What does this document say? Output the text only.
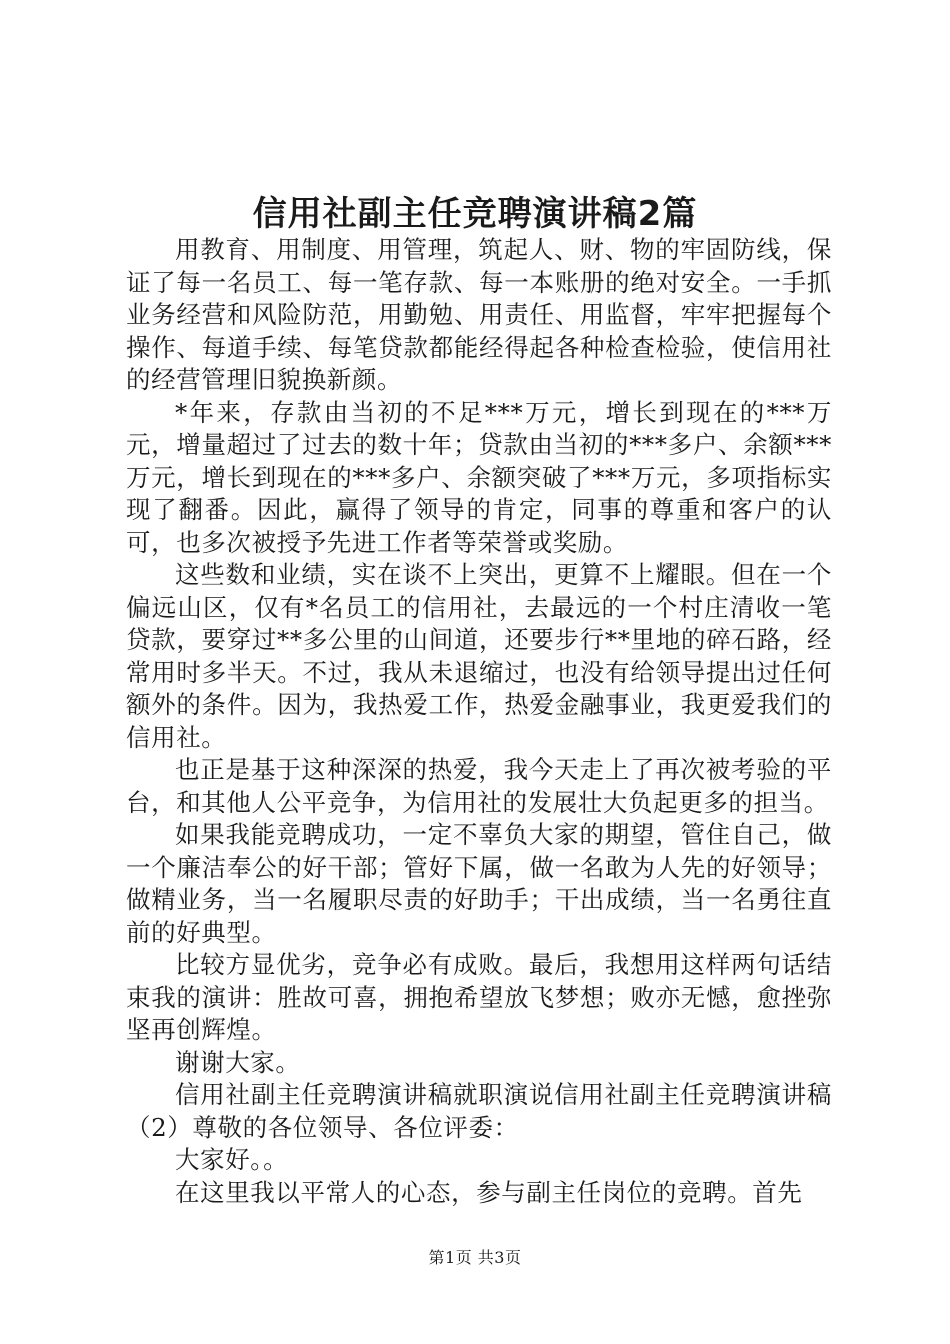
信用社副主任竞聘演讲稿2篇

用教育、用制度、用管理，筑起人、财、物的牢固防线，保证了每一名员工、每一笔存款、每一本账册的绝对安全。一手抓业务经营和风险防范，用勤勉、用责任、用监督，牢牢把握每个操作、每道手续、每笔贷款都能经得起各种检查检验，使信用社的经营管理旧貌换新颜。

*年来，存款由当初的不足***万元，增长到现在的***万元，增量超过了过去的数十年；贷款由当初的***多户、余额***万元，增长到现在的***多户、余额突破了***万元，多项指标实现了翻番。因此，赢得了领导的肯定，同事的尊重和客户的认可，也多次被授予先进工作者等荣誉或奖励。

这些数和业绩，实在谈不上突出，更算不上耀眼。但在一个偏远山区，仅有*名员工的信用社，去最远的一个村庄清收一笔贷款，要穿过**多公里的山间道，还要步行**里地的碎石路，经常用时多半天。不过，我从未退缩过，也没有给领导提出过任何额外的条件。因为，我热爱工作，热爱金融事业，我更爱我们的信用社。

也正是基于这种深深的热爱，我今天走上了再次被考验的平台，和其他人公平竞争，为信用社的发展壮大负起更多的担当。

如果我能竞聘成功，一定不辜负大家的期望，管住自己，做一个廉洁奉公的好干部；管好下属，做一名敢为人先的好领导；做精业务，当一名履职尽责的好助手；干出成绩，当一名勇往直前的好典型。

比较方显优劣，竞争必有成败。最后，我想用这样两句话结束我的演讲：胜故可喜，拥抱希望放飞梦想；败亦无憾，愈挫弥坚再创辉煌。

谢谢大家。

信用社副主任竞聘演讲稿就职演说信用社副主任竞聘演讲稿（2）尊敬的各位领导、各位评委：

大家好。。

在这里我以平常人的心态，参与副主任岗位的竞聘。首先

第1页 共3页
